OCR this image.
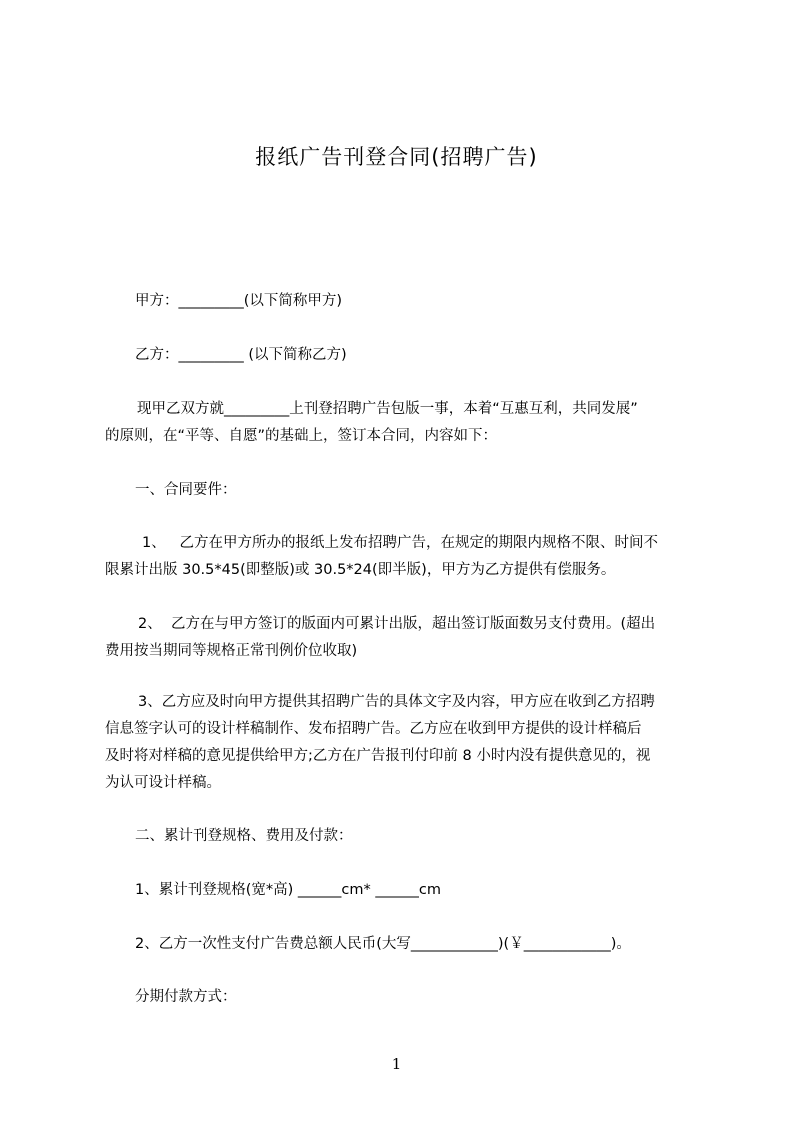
报纸广告刊登合同(招聘广告)
甲方：_________(以下简称甲方)
乙方：_________ (以下简称乙方)
现甲乙双方就_________上刊登招聘广告包版一事，本着“互惠互利，共同发展”
的原则，在“平等、自愿”的基础上，签订本合同，内容如下：
一、合同要件：
1、   乙方在甲方所办的报纸上发布招聘广告，在规定的期限内规格不限、时间不
限累计出版 30.5*45(即整版)或 30.5*24(即半版)，甲方为乙方提供有偿服务。
2、  乙方在与甲方签订的版面内可累计出版，超出签订版面数另支付费用。(超出
费用按当期同等规格正常刊例价位收取)
3、乙方应及时向甲方提供其招聘广告的具体文字及内容，甲方应在收到乙方招聘
信息签字认可的设计样稿制作、发布招聘广告。乙方应在收到甲方提供的设计样稿后
及时将对样稿的意见提供给甲方;乙方在广告报刊付印前 8 小时内没有提供意见的，视
为认可设计样稿。
二、累计刊登规格、费用及付款：
1、累计刊登规格(宽*高) ______cm* ______cm
2、乙方一次性支付广告费总额人民币(大写____________)(￥____________)。
分期付款方式：
1
